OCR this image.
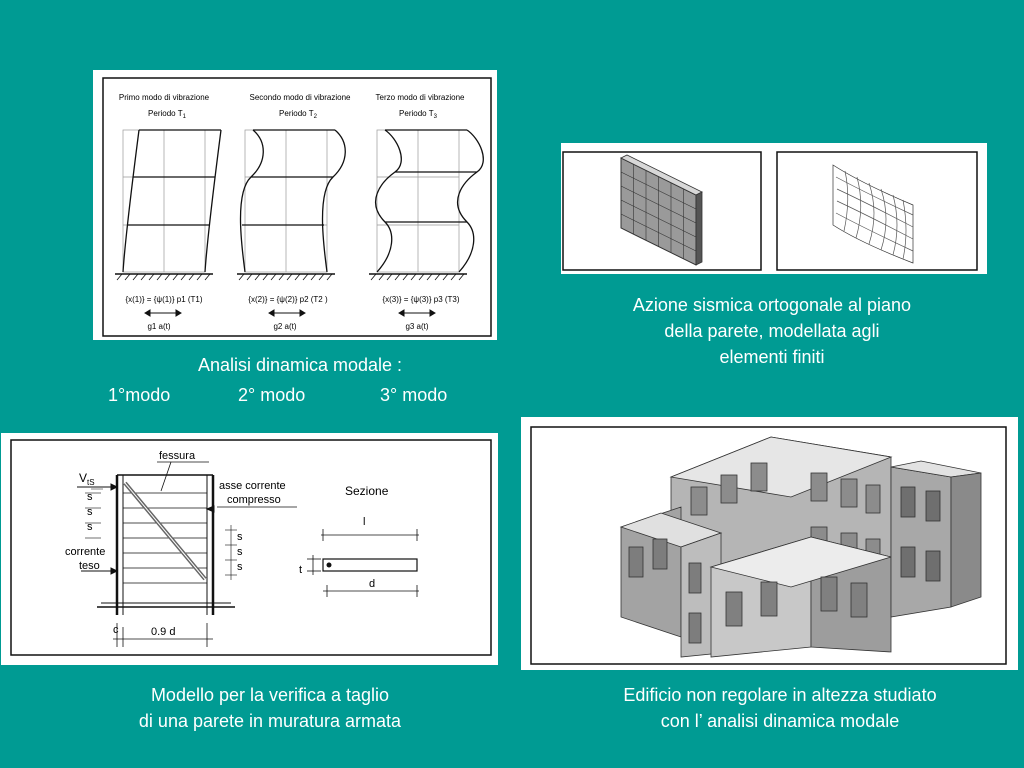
Primo modo di vibrazione	Secondo modo di vibrazione	Terzo modo di vibrazione
Periodo $T_1$	Periodo $T_2$	Periodo $T_3$
{x(1)} = {ψ(1)} p1 (T1)	{x(2)} = {ψ(2)} p2 (T2 )	{x(3)} = {ψ(3)} p3 (T3)
g1 a(t)	g2 a(t)	g3 a(t)
Analisi dinamica modale :
1°modo	2° modo	3° modo
Azione sismica ortogonale al piano
della parete, modellata agli
elementi finiti
$V_{tS}$
s
s
s
corrente
teso
fessura
asse corrente
compresso
s
s
s
Sezione
l
t
d
c	0.9 d
Modello per la verifica a taglio
di una parete in muratura armata
Edificio non regolare in altezza studiato
con l’ analisi dinamica modale
